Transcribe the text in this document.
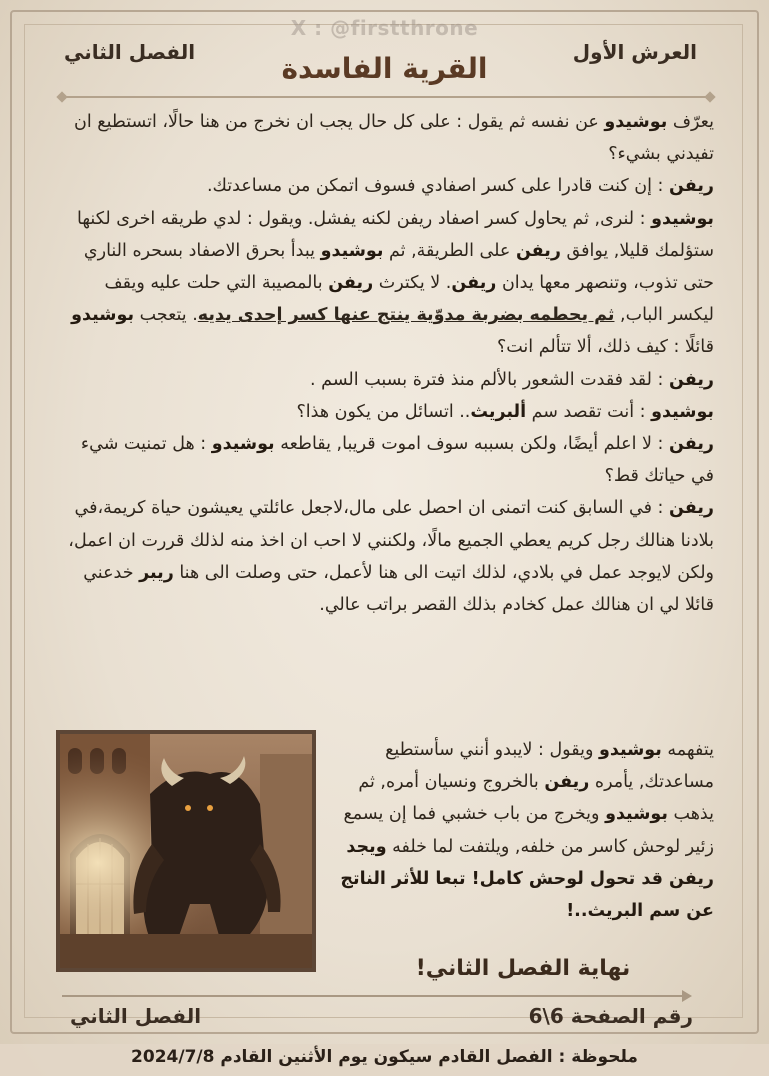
X : @firstthrone
العرش الأول
الفصل الثاني	القرية الفاسدة

يعرّف بوشيدو عن نفسه ثم يقول : على كل حال يجب ان نخرج من هنا حالًا، اتستطيع ان تفيدني بشيء؟

ريفن : إن كنت قادرا على كسر اصفادي فسوف اتمكن من مساعدتك.

بوشيدو : لنرى, ثم يحاول كسر اصفاد ريفن لكنه يفشل. ويقول : لدي طريقه اخرى لكنها ستؤلمك قليلا, يوافق ريفن على الطريقة, ثم بوشيدو يبدأ بحرق الاصفاد بسحره الناري حتى تذوب، وتنصهر معها يدان ريفن. لا يكترث ريفن بالمصيبة التي حلت عليه ويقف ليكسر الباب, ثم يحطمه بضربة مدوّية ينتج عنها كسر إحدى يديه. يتعجب بوشيدو قائلًا : كيف ذلك، ألا تتألم انت؟

ريفن : لقد فقدت الشعور بالألم منذ فترة بسبب السم .

بوشيدو : أنت تقصد سم ألبريث.. اتسائل من يكون هذا؟

ريفن : لا اعلم أيضًا، ولكن بسببه سوف اموت قريبا, يقاطعه بوشيدو : هل تمنيت شيء في حياتك قط؟

ريفن : في السابق كنت اتمنى ان احصل على مال،لاجعل عائلتي يعيشون حياة كريمة،في بلادنا هنالك رجل كريم يعطي الجميع مالًا، ولكنني لا احب ان اخذ منه لذلك قررت ان اعمل، ولكن لايوجد عمل في بلادي، لذلك اتيت الى هنا لأعمل، حتى وصلت الى هنا ريبر خدعني قائلا لي ان هنالك عمل كخادم بذلك القصر براتب عالي.

يتفهمه بوشيدو ويقول : لايبدو أنني سأستطيع مساعدتك, يأمره ريفن بالخروج ونسيان أمره, ثم يذهب بوشيدو ويخرج من باب خشبي فما إن يسمع زئير لوحش كاسر من خلفه, ويلتفت لما خلفه ويجد ريفن قد تحول لوحش كامل! تبعا للأثر الناتج عن سم البريث..!

نهاية الفصل الثاني!
الفصل الثاني	رقم الصفحة 6\6
ملحوظة : الفصل القادم سيكون يوم الأثنين القادم 2024/7/8
